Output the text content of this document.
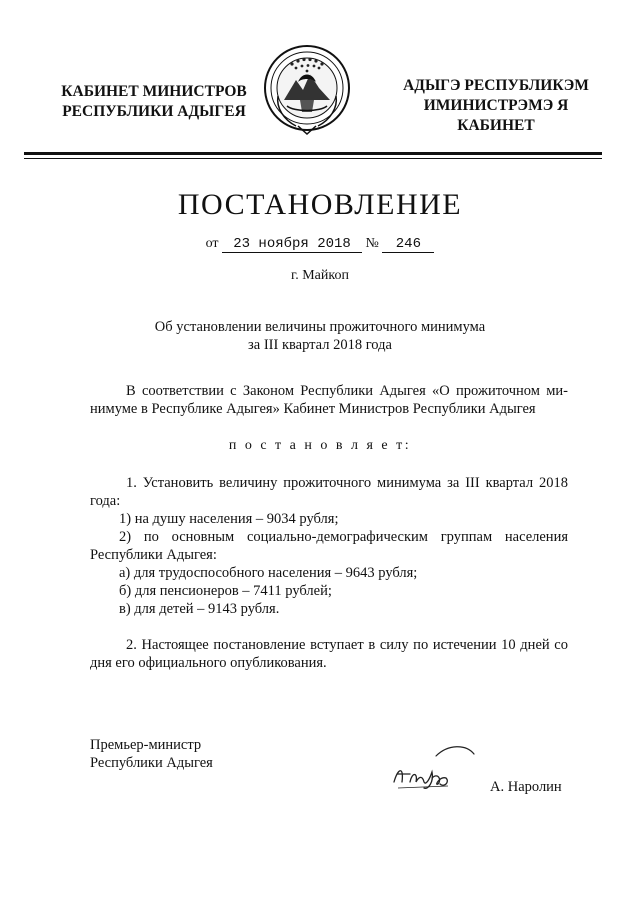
КАБИНЕТ МИНИСТРОВ
РЕСПУБЛИКИ АДЫГЕЯ
АДЫГЭ РЕСПУБЛИКЭМ
ИМИНИСТРЭМЭ Я КАБИНЕТ
ПОСТАНОВЛЕНИЕ
от 23 ноября 2018 № 246
г. Майкоп
Об установлении величины прожиточного минимума
за III квартал 2018 года
В соответствии с Законом Республики Адыгея «О прожиточном ми-
нимуме в Республике Адыгея» Кабинет Министров Республики Адыгея
п о с т а н о в л я е т:
1. Установить величину прожиточного минимума за III квартал 2018
года:
1) на душу населения – 9034 рубля;
2) по основным социально-демографическим группам населения
Республики Адыгея:
а) для трудоспособного населения – 9643 рубля;
б) для пенсионеров – 7411 рублей;
в) для детей – 9143 рубля.
2. Настоящее постановление вступает в силу по истечении 10 дней со
дня его официального опубликования.
Премьер-министр
Республики Адыгея
А. Наролин
